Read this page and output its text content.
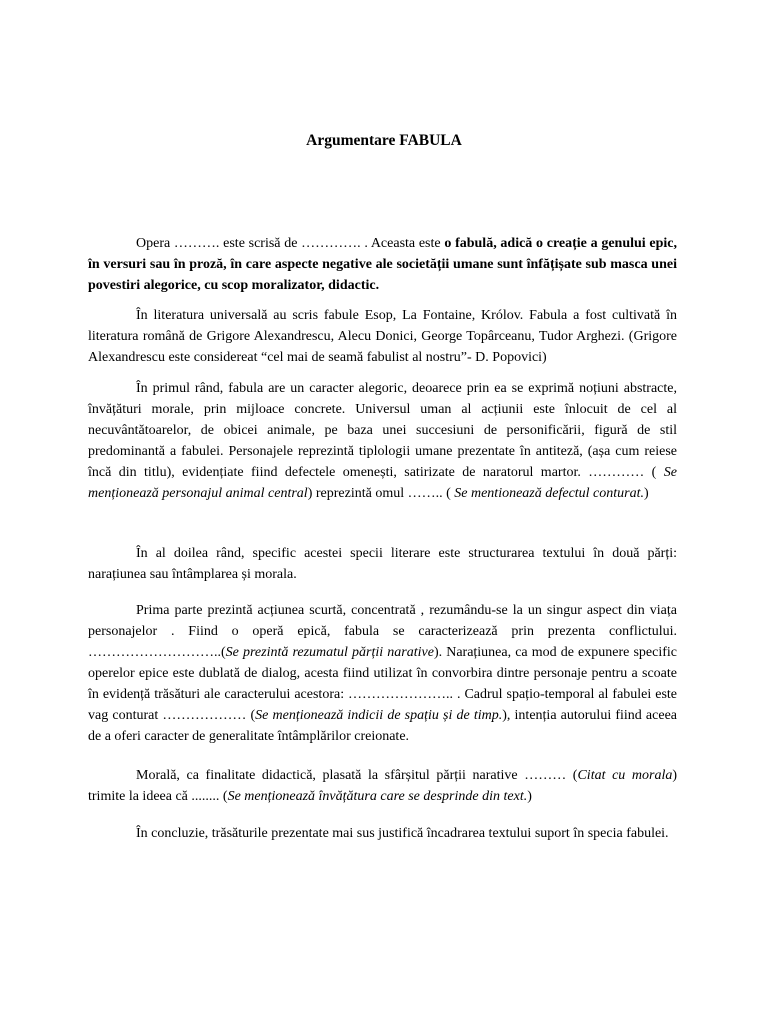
Argumentare FABULA

Opera ………. este scrisă de …………. . Aceasta este o fabulă, adică o creație a genului epic, în versuri sau în proză, în care aspecte negative ale societății umane sunt înfățișate sub masca unei povestiri alegorice, cu scop moralizator, didactic.

În literatura universală au scris fabule Esop, La Fontaine, Królov. Fabula a fost cultivată în literatura română de Grigore Alexandrescu, Alecu Donici, George Topârceanu, Tudor Arghezi. (Grigore Alexandrescu este considereat “cel mai de seamă fabulist al nostru”- D. Popovici)

În primul rând, fabula are un caracter alegoric, deoarece prin ea se exprimă noțiuni abstracte, învățături morale, prin mijloace concrete. Universul uman al acțiunii este înlocuit de cel al necuvântătoarelor, de obicei animale, pe baza unei succesiuni de personificării, figură de stil predominantă a fabulei. Personajele reprezintă tiplologii umane prezentate în antiteză, (așa cum reiese încă din titlu), evidențiate fiind defectele omenești, satirizate de naratorul martor. ………… ( Se menționează personajul animal central) reprezintă omul …….. ( Se mentionează defectul conturat.)

În al doilea rând, specific acestei specii literare este structurarea textului în două părți: narațiunea sau întâmplarea și morala.

Prima parte prezintă acțiunea scurtă, concentrată , rezumându-se la un singur aspect din viața personajelor . Fiind o operă epică, fabula se caracterizează prin prezenta conflictului. ………………………..(Se prezintă rezumatul părții narative). Narațiunea, ca mod de expunere specific operelor epice este dublată de dialog, acesta fiind utilizat în convorbira dintre personaje pentru a scoate în evidență trăsături ale caracterului acestora: ………………….. . Cadrul spațio-temporal al fabulei este vag conturat ……………… (Se menționează indicii de spațiu și de timp.), intenția autorului fiind aceea de a oferi caracter de generalitate întâmplărilor creionate.

Morală, ca finalitate didactică, plasată la sfârșitul părții narative ……… (Citat cu morala) trimite la ideea că ........ (Se menționează învățătura care se desprinde din text.)

În concluzie, trăsăturile prezentate mai sus justifică încadrarea textului suport în specia fabulei.
